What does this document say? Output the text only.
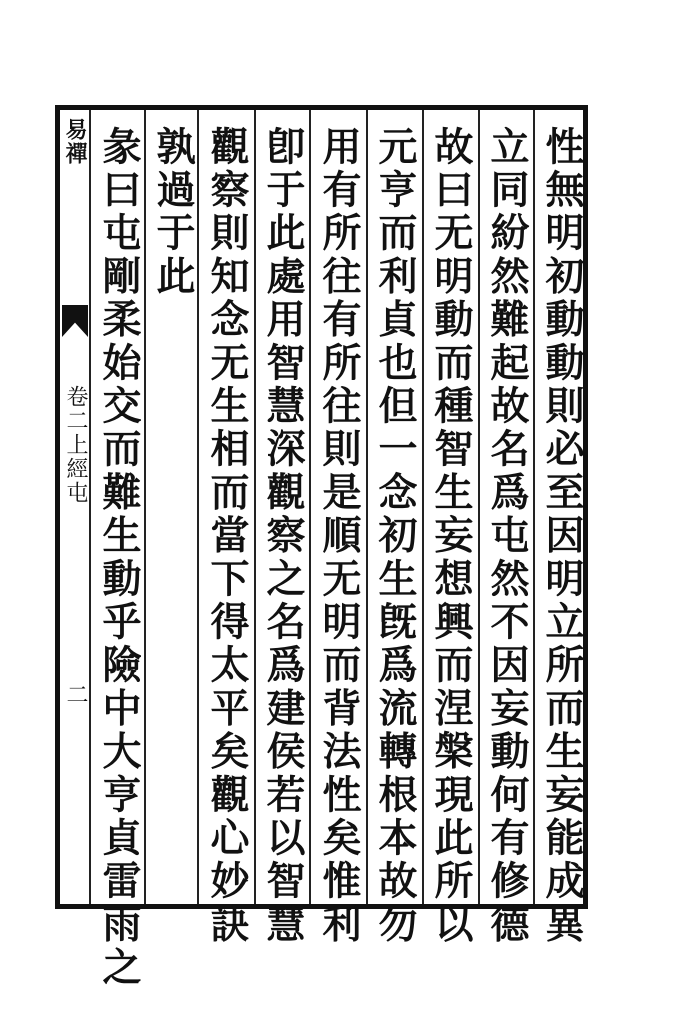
易禪
卷二上經屯
二	性無明初動動則必至因明立所而生妄能成異
立同紛然難起故名爲屯然不因妄動何有修德
故曰无明動而種智生妄想興而涅槃現此所以
元亨而利貞也但一念初生旣爲流轉根本故勿
用有所往有所往則是順无明而背法性矣惟利
卽于此處用智慧深觀察之名爲建侯若以智慧
觀察則知念无生相而當下得太平矣觀心妙訣
孰過于此
彖曰屯剛柔始交而難生動乎險中大亨貞雷雨之
